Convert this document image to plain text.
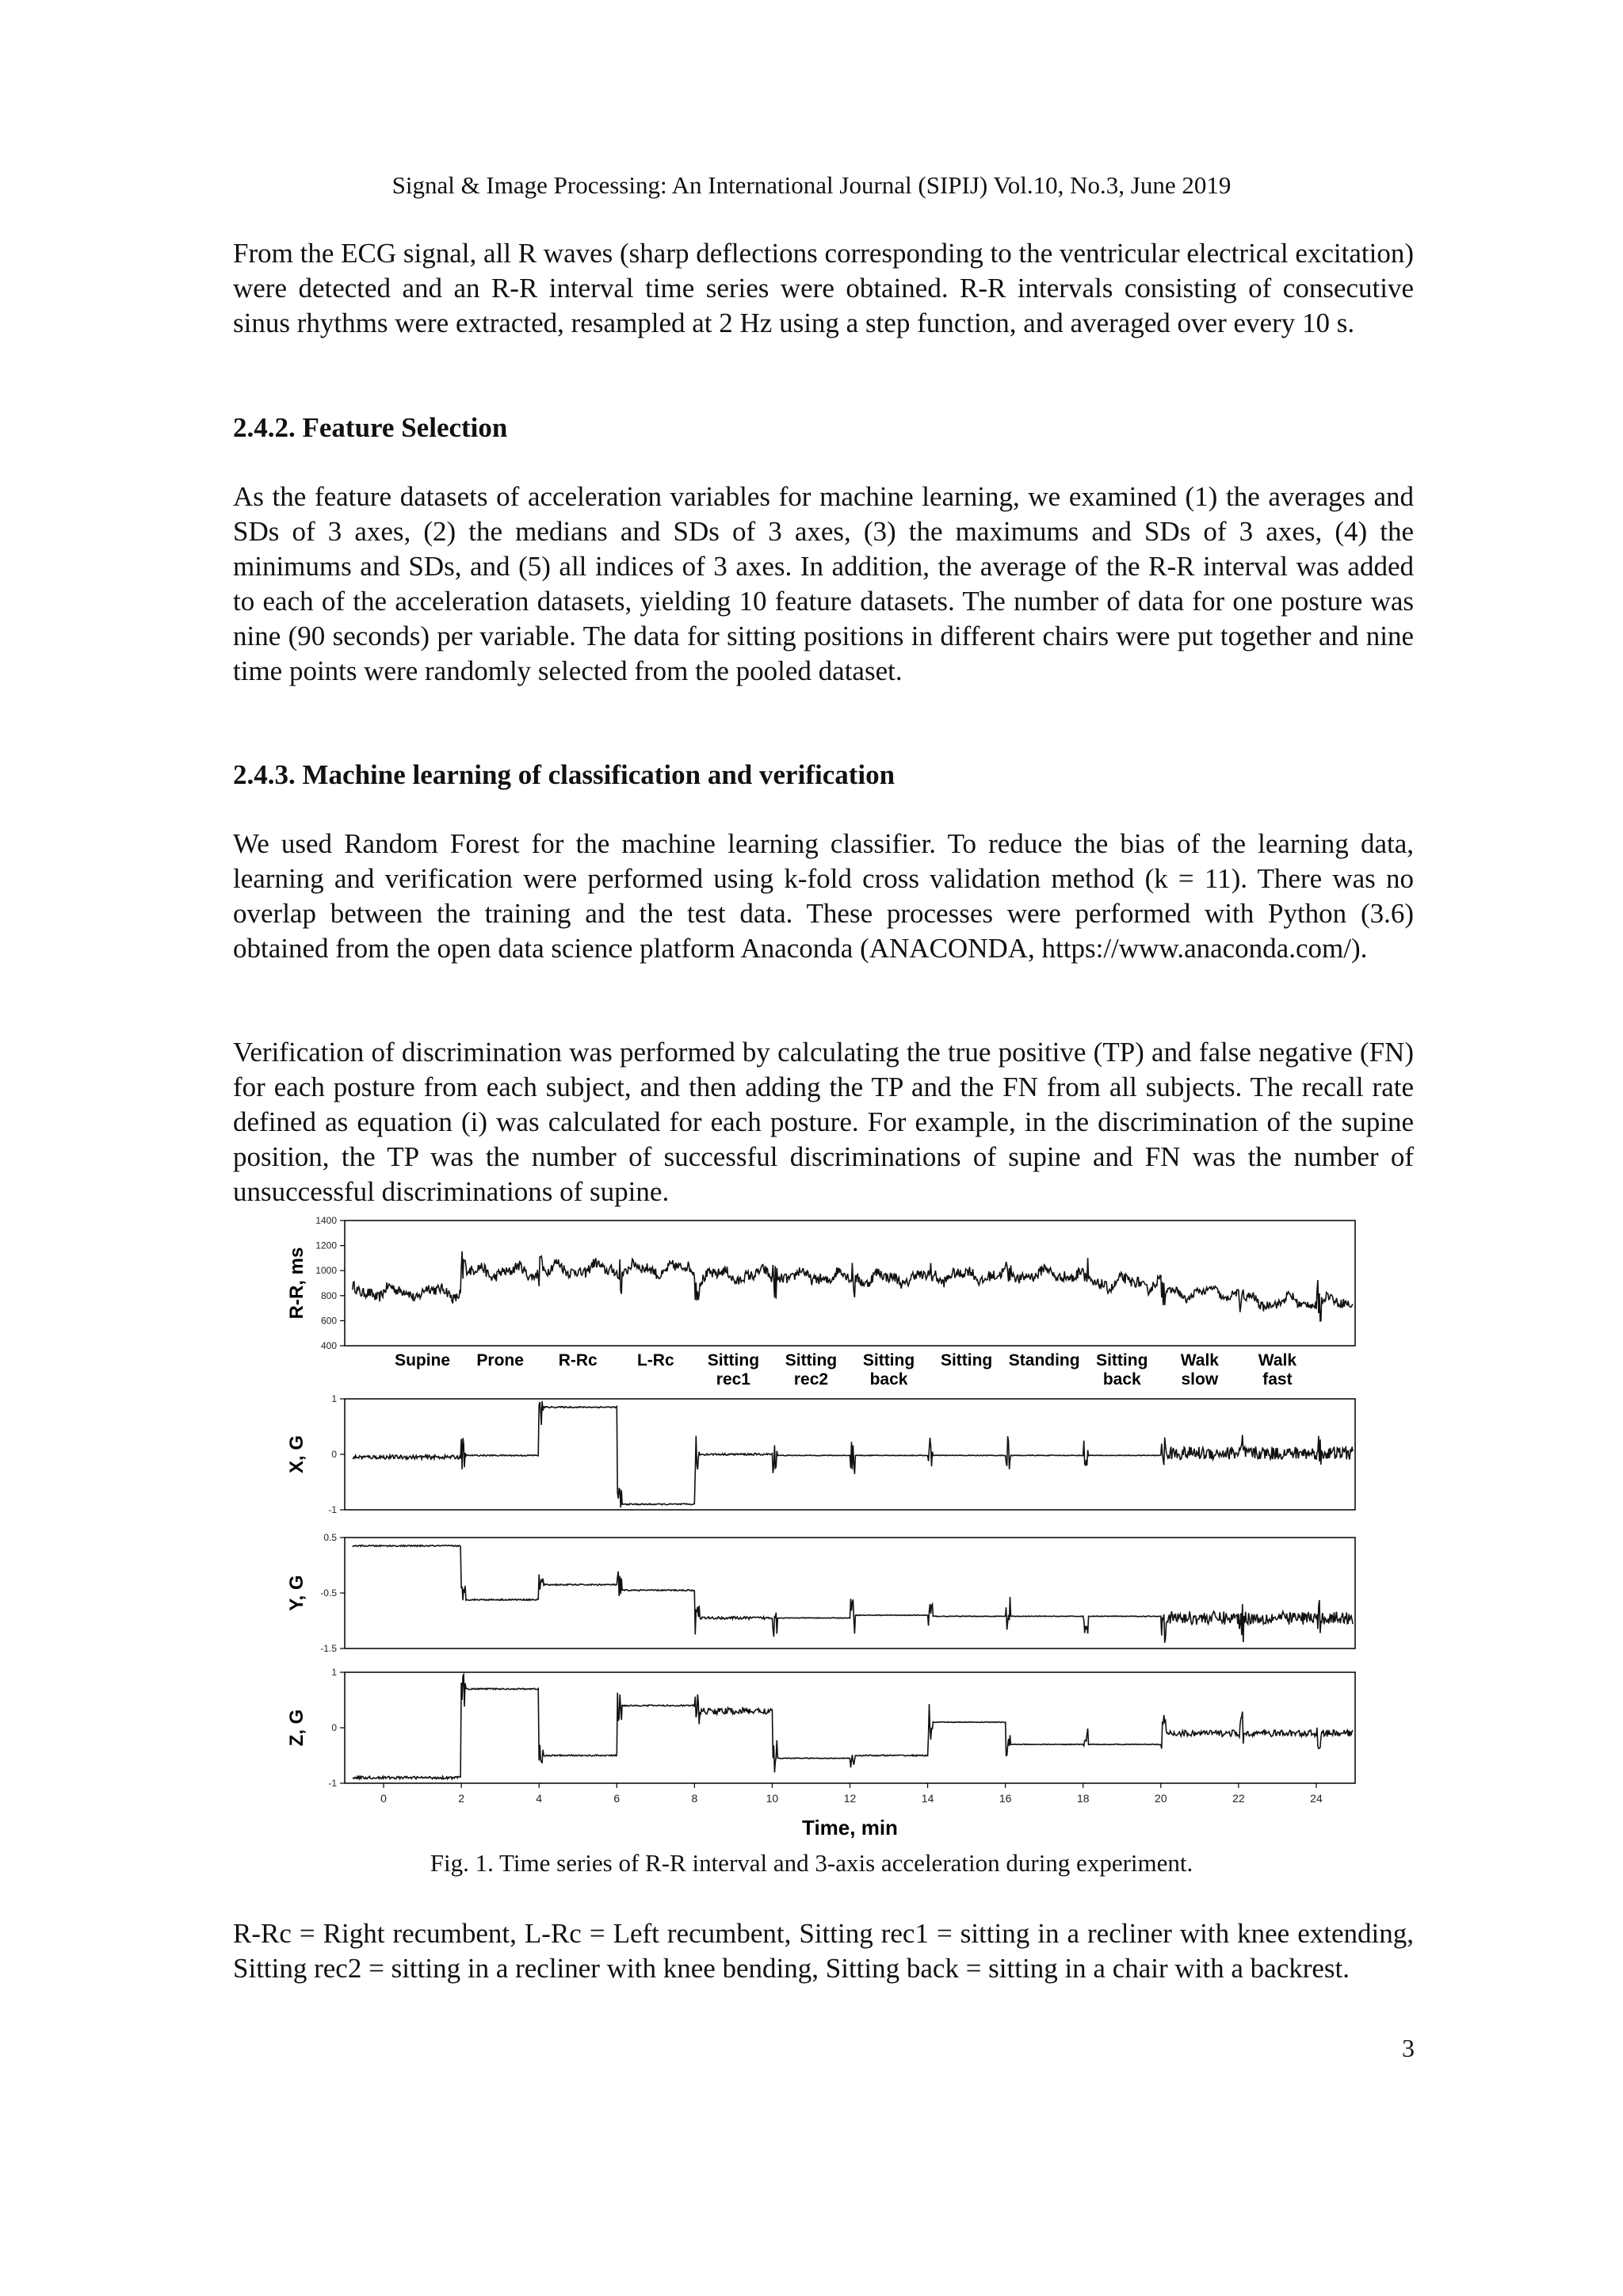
Signal & Image Processing: An International Journal (SIPIJ) Vol.10, No.3, June 2019

From the ECG signal, all R waves (sharp deflections corresponding to the ventricular electrical excitation) were detected and an R-R interval time series were obtained. R-R intervals consisting of consecutive sinus rhythms were extracted, resampled at 2 Hz using a step function, and averaged over every 10 s.

2.4.2. Feature Selection

As the feature datasets of acceleration variables for machine learning, we examined (1) the averages and SDs of 3 axes, (2) the medians and SDs of 3 axes, (3) the maximums and SDs of 3 axes, (4) the minimums and SDs, and (5) all indices of 3 axes. In addition, the average of the R-R interval was added to each of the acceleration datasets, yielding 10 feature datasets. The number of data for one posture was nine (90 seconds) per variable. The data for sitting positions in different chairs were put together and nine time points were randomly selected from the pooled dataset.

2.4.3. Machine learning of classification and verification

We used Random Forest for the machine learning classifier. To reduce the bias of the learning data, learning and verification were performed using k-fold cross validation method (k = 11). There was no overlap between the training and the test data. These processes were performed with Python (3.6) obtained from the open data science platform Anaconda (ANACONDA, https://www.anaconda.com/).

Verification of discrimination was performed by calculating the true positive (TP) and false negative (FN) for each posture from each subject, and then adding the TP and the FN from all subjects. The recall rate defined as equation (i) was calculated for each posture. For example, in the discrimination of the supine position, the TP was the number of successful discriminations of supine and FN was the number of unsuccessful discriminations of supine.

1400
1200
1000
800
600
400
R-R, ms
1
0
-1
X, G
0.5
-0.5
-1.5
Y, G
1
0
-1
Z, G
Supine Prone R-Rc L-Rc Sitting
rec1
Sitting
rec2
Sitting
back
Sitting Standing Sitting
back
Walk
slow
Walk
fast
0	2	4	6	8	10	12	14	16	18	20	22	24
Time, min
Fig. 1. Time series of R-R interval and 3-axis acceleration during experiment.

R-Rc = Right recumbent, L-Rc = Left recumbent, Sitting rec1 = sitting in a recliner with knee extending, Sitting rec2 = sitting in a recliner with knee bending, Sitting back = sitting in a chair with a backrest.

3
